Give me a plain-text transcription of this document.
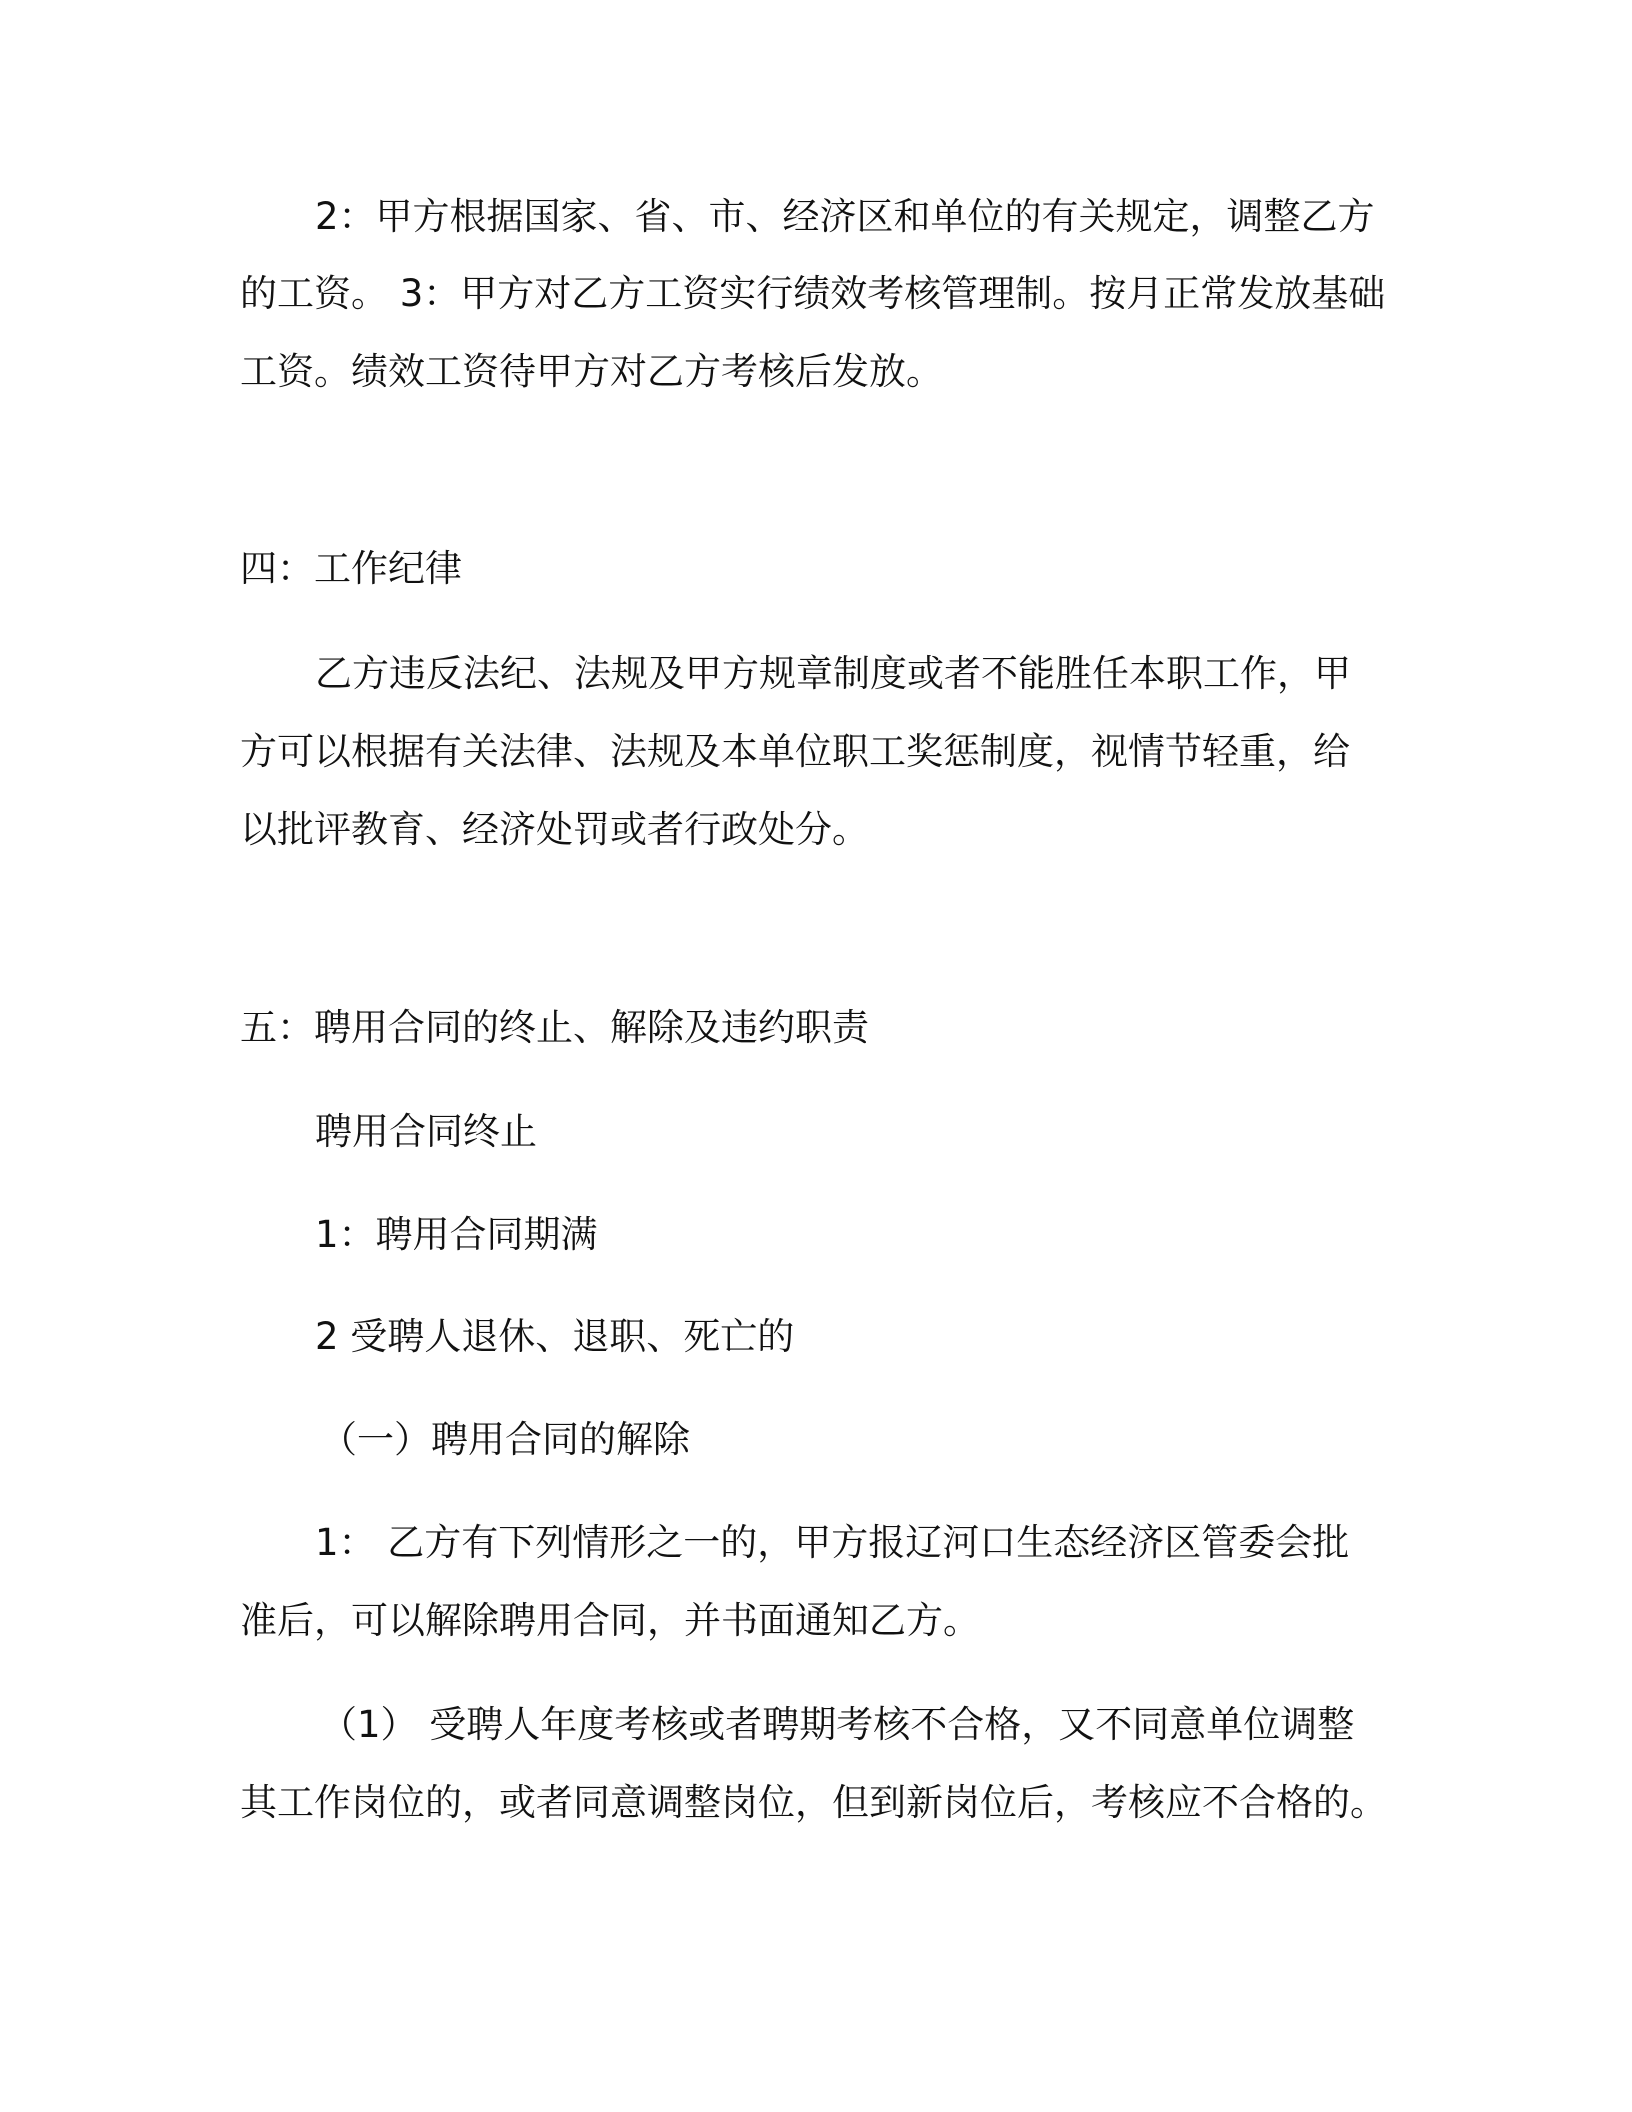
2：甲方根据国家、省、市、经济区和单位的有关规定，调整乙方
的工资。 3：甲方对乙方工资实行绩效考核管理制。按月正常发放基础
工资。绩效工资待甲方对乙方考核后发放。
四：工作纪律
乙方违反法纪、法规及甲方规章制度或者不能胜任本职工作，甲
方可以根据有关法律、法规及本单位职工奖惩制度，视情节轻重，给
以批评教育、经济处罚或者行政处分。
五：聘用合同的终止、解除及违约职责
聘用合同终止
1：聘用合同期满
2 受聘人退休、退职、死亡的
（一）聘用合同的解除
1： 乙方有下列情形之一的，甲方报辽河口生态经济区管委会批
准后，可以解除聘用合同，并书面通知乙方。
（1） 受聘人年度考核或者聘期考核不合格，又不同意单位调整
其工作岗位的，或者同意调整岗位，但到新岗位后，考核应不合格的。
